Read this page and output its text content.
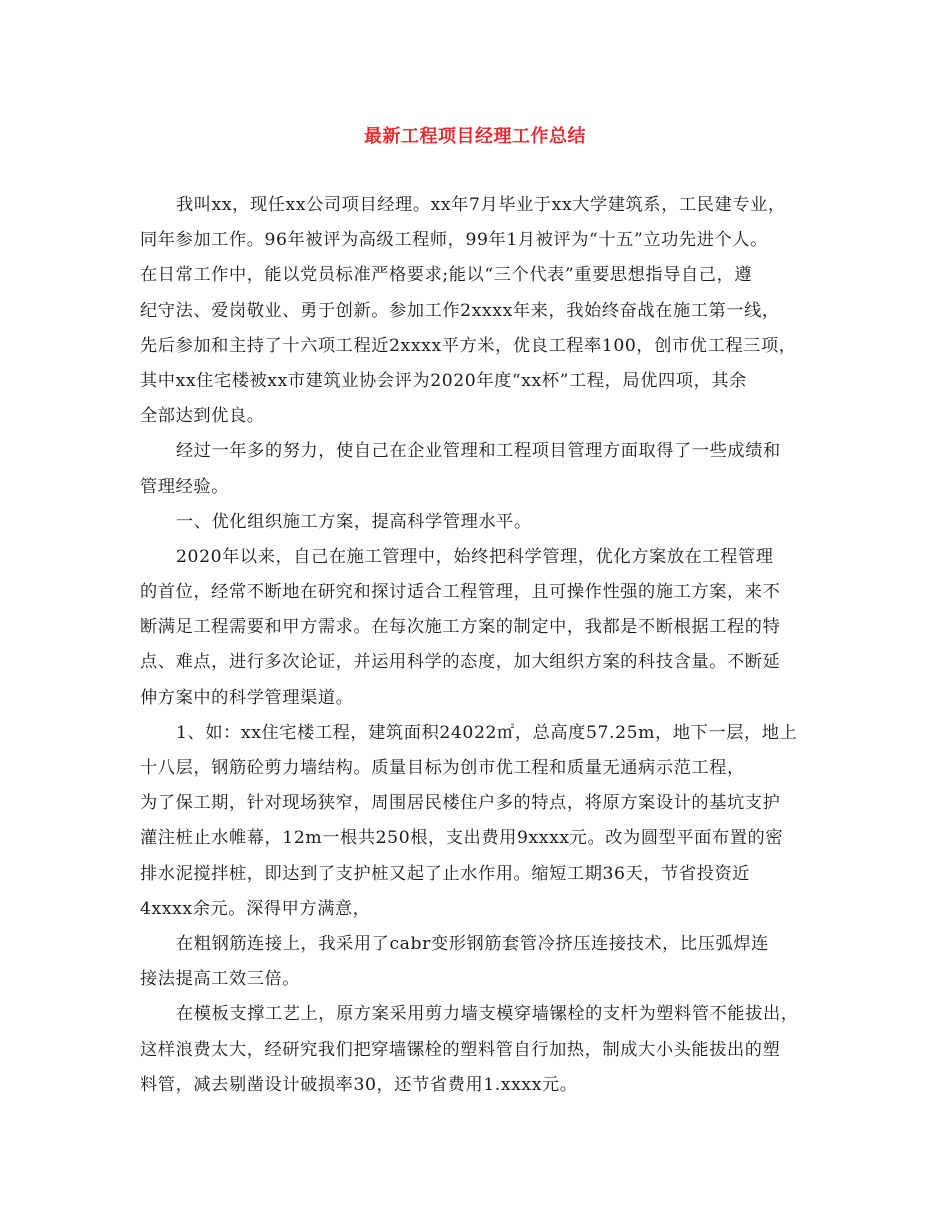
最新工程项目经理工作总结
我叫xx，现任xx公司项目经理。xx年7月毕业于xx大学建筑系，工民建专业，
同年参加工作。96年被评为高级工程师，99年1月被评为“十五”立功先进个人。
在日常工作中，能以党员标准严格要求;能以“三个代表”重要思想指导自己，遵
纪守法、爱岗敬业、勇于创新。参加工作2xxxx年来，我始终奋战在施工第一线，
先后参加和主持了十六项工程近2xxxx平方米，优良工程率100，创市优工程三项，
其中xx住宅楼被xx市建筑业协会评为2020年度“xx杯”工程，局优四项，其余
全部达到优良。
经过一年多的努力，使自己在企业管理和工程项目管理方面取得了一些成绩和
管理经验。
一、优化组织施工方案，提高科学管理水平。
2020年以来，自己在施工管理中，始终把科学管理，优化方案放在工程管理
的首位，经常不断地在研究和探讨适合工程管理，且可操作性强的施工方案，来不
断满足工程需要和甲方需求。在每次施工方案的制定中，我都是不断根据工程的特
点、难点，进行多次论证，并运用科学的态度，加大组织方案的科技含量。不断延
伸方案中的科学管理渠道。
1、如：xx住宅楼工程，建筑面积24022㎡，总高度57.25m，地下一层，地上
十八层，钢筋砼剪力墙结构。质量目标为创市优工程和质量无通病示范工程，
为了保工期，针对现场狭窄，周围居民楼住户多的特点，将原方案设计的基坑支护
灌注桩止水帷幕，12m一根共250根，支出费用9xxxx元。改为圆型平面布置的密
排水泥搅拌桩，即达到了支护桩又起了止水作用。缩短工期36天，节省投资近
4xxxx余元。深得甲方满意，
在粗钢筋连接上，我采用了cabr变形钢筋套管冷挤压连接技术，比压弧焊连
接法提高工效三倍。
在模板支撑工艺上，原方案采用剪力墙支模穿墙镙栓的支杆为塑料管不能拔出，
这样浪费太大，经研究我们把穿墙镙栓的塑料管自行加热，制成大小头能拔出的塑
料管，减去剔凿设计破损率30，还节省费用1.xxxx元。
